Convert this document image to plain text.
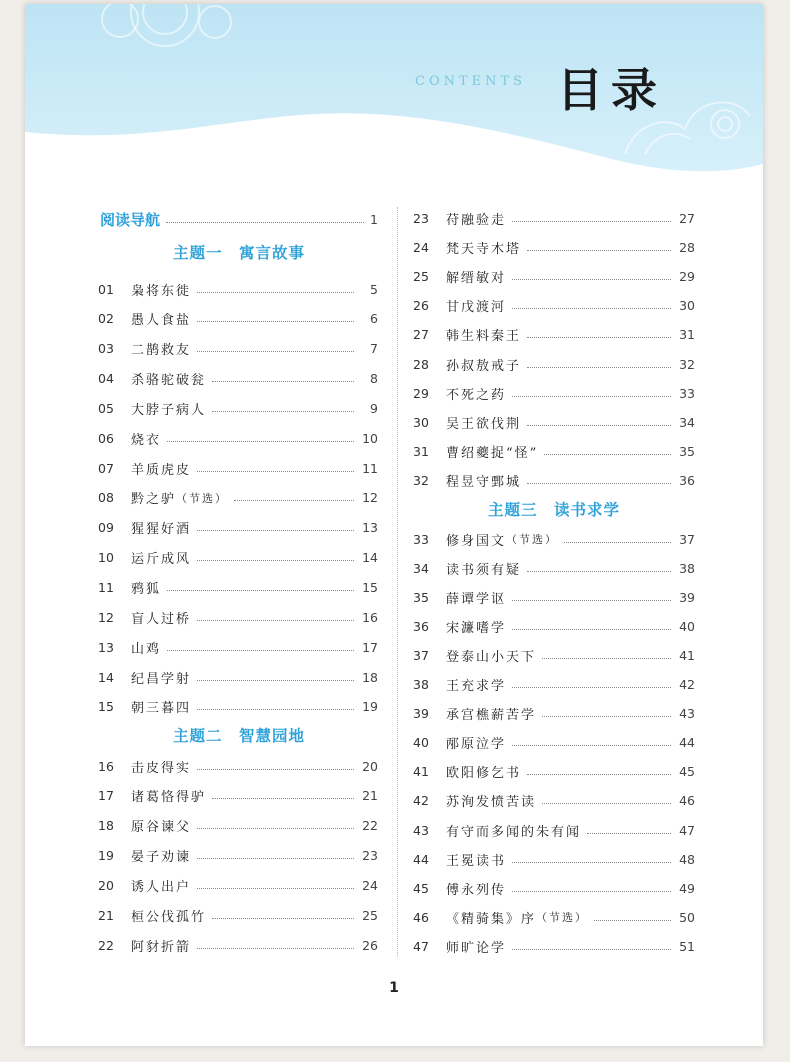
CONTENTS 目录
阅读导航	1
主题一　寓言故事
主题二　智慧园地
主题三　读书求学
01	枭将东徙	5
02	愚人食盐	6
03	二鹊救友	7
04	杀骆驼破瓮	8
05	大脖子病人	9
06	烧衣	10
07	羊质虎皮	11
08	黔之驴 （节选）	12
09	猩猩好酒	13
10	运斤成风	14
11	鸦狐	15
12	盲人过桥	16
13	山鸡	17
14	纪昌学射	18
15	朝三暮四	19
16	击皮得实	20
17	诸葛恪得驴	21
18	原谷谏父	22
19	晏子劝谏	23
20	诱人出户	24
21	桓公伐孤竹	25
22	阿豺折箭	26
23	苻融验走	27
24	梵天寺木塔	28
25	解缙敏对	29
26	甘戊渡河	30
27	韩生料秦王	31
28	孙叔敖戒子	32
29	不死之药	33
30	吴王欲伐荆	34
31	曹绍夔捉“怪”	35
32	程昱守鄄城	36
33	修身国文 （节选）	37
34	读书须有疑	38
35	薛谭学讴	39
36	宋濂嗜学	40
37	登泰山小天下	41
38	王充求学	42
39	承宫樵薪苦学	43
40	邴原泣学	44
41	欧阳修乞书	45
42	苏洵发愤苦读	46
43	有守而多闻的朱有闻	47
44	王冕读书	48
45	傅永列传	49
46	《精骑集》序 （节选）	50
47	师旷论学	51
1
